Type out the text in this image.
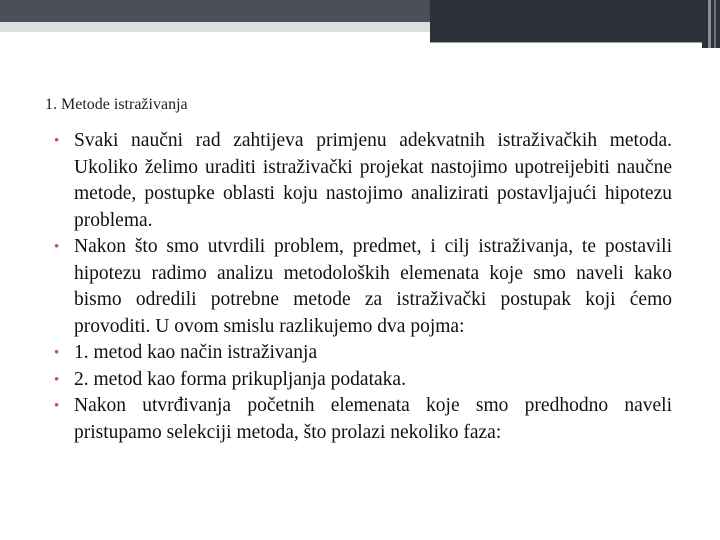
1. Metode istraživanja
• Svaki naučni rad zahtijeva primjenu adekvatnih istraživačkih metoda. Ukoliko želimo uraditi istraživački projekat nastojimo upotreijebiti naučne metode, postupke oblasti koju nastojimo analizirati postavljajući hipotezu problema.
• Nakon što smo utvrdili problem, predmet, i cilj istraživanja, te postavili hipotezu radimo analizu metodoloških elemenata koje smo naveli kako bismo odredili potrebne metode za istraživački postupak koji ćemo provoditi. U ovom smislu razlikujemo dva pojma:
• 1. metod kao način istraživanja
• 2. metod kao forma prikupljanja podataka.
• Nakon utvrđivanja početnih elemenata koje smo predhodno naveli pristupamo selekciji metoda, što prolazi nekoliko faza:
